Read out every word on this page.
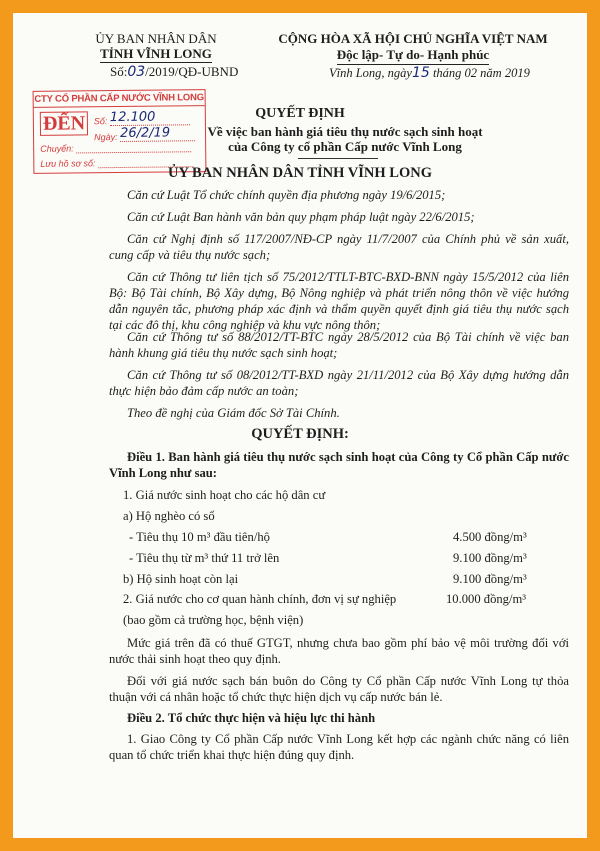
ỦY BAN NHÂN DÂN
TỈNH VĨNH LONG
Số:03/2019/QĐ-UBND
CỘNG HÒA XÃ HỘI CHỦ NGHĨA VIỆT NAM
Độc lập- Tự do- Hạnh phúc
Vĩnh Long, ngày15 tháng 02 năm 2019
CTY CỔ PHẦN CẤP NƯỚC VĨNH LONG
ĐẾN Số: 12.100
Ngày: 26/2/19
Chuyển:
Lưu hồ sơ số:
QUYẾT ĐỊNH
Về việc ban hành giá tiêu thụ nước sạch sinh hoạt
của Công ty cổ phần Cấp nước Vĩnh Long
ỦY BAN NHÂN DÂN TỈNH VĨNH LONG
Căn cứ Luật Tổ chức chính quyền địa phương ngày 19/6/2015;
Căn cứ Luật Ban hành văn bản quy phạm pháp luật ngày 22/6/2015;
Căn cứ Nghị định số 117/2007/NĐ-CP ngày 11/7/2007 của Chính phủ về sản xuất, cung cấp và tiêu thụ nước sạch;
Căn cứ Thông tư liên tịch số 75/2012/TTLT-BTC-BXD-BNN ngày 15/5/2012 của liên Bộ: Bộ Tài chính, Bộ Xây dựng, Bộ Nông nghiệp và phát triển nông thôn về việc hướng dẫn nguyên tắc, phương pháp xác định và thẩm quyền quyết định giá tiêu thụ nước sạch tại các đô thị, khu công nghiệp và khu vực nông thôn;
Căn cứ Thông tư số 88/2012/TT-BTC ngày 28/5/2012 của Bộ Tài chính về việc ban hành khung giá tiêu thụ nước sạch sinh hoạt;
Căn cứ Thông tư số 08/2012/TT-BXD ngày 21/11/2012 của Bộ Xây dựng hướng dẫn thực hiện bảo đảm cấp nước an toàn;
Theo đề nghị của Giám đốc Sở Tài Chính.
QUYẾT ĐỊNH:
Điều 1. Ban hành giá tiêu thụ nước sạch sinh hoạt của Công ty Cổ phần Cấp nước Vĩnh Long như sau:
1. Giá nước sinh hoạt cho các hộ dân cư
a) Hộ nghèo có sổ
- Tiêu thụ 10 m³ đầu tiên/hộ	4.500 đồng/m³
- Tiêu thụ từ m³ thứ 11 trở lên	9.100 đồng/m³
b) Hộ sinh hoạt còn lại	9.100 đồng/m³
2. Giá nước cho cơ quan hành chính, đơn vị sự nghiệp	10.000 đồng/m³
(bao gồm cả trường học, bệnh viện)
Mức giá trên đã có thuế GTGT, nhưng chưa bao gồm phí bảo vệ môi trường đối với nước thải sinh hoạt theo quy định.
Đối với giá nước sạch bán buôn do Công ty Cổ phần Cấp nước Vĩnh Long tự thỏa thuận với cá nhân hoặc tổ chức thực hiện dịch vụ cấp nước bán lẻ.
Điều 2. Tổ chức thực hiện và hiệu lực thi hành
1. Giao Công ty Cổ phần Cấp nước Vĩnh Long kết hợp các ngành chức năng có liên quan tổ chức triển khai thực hiện đúng quy định.
